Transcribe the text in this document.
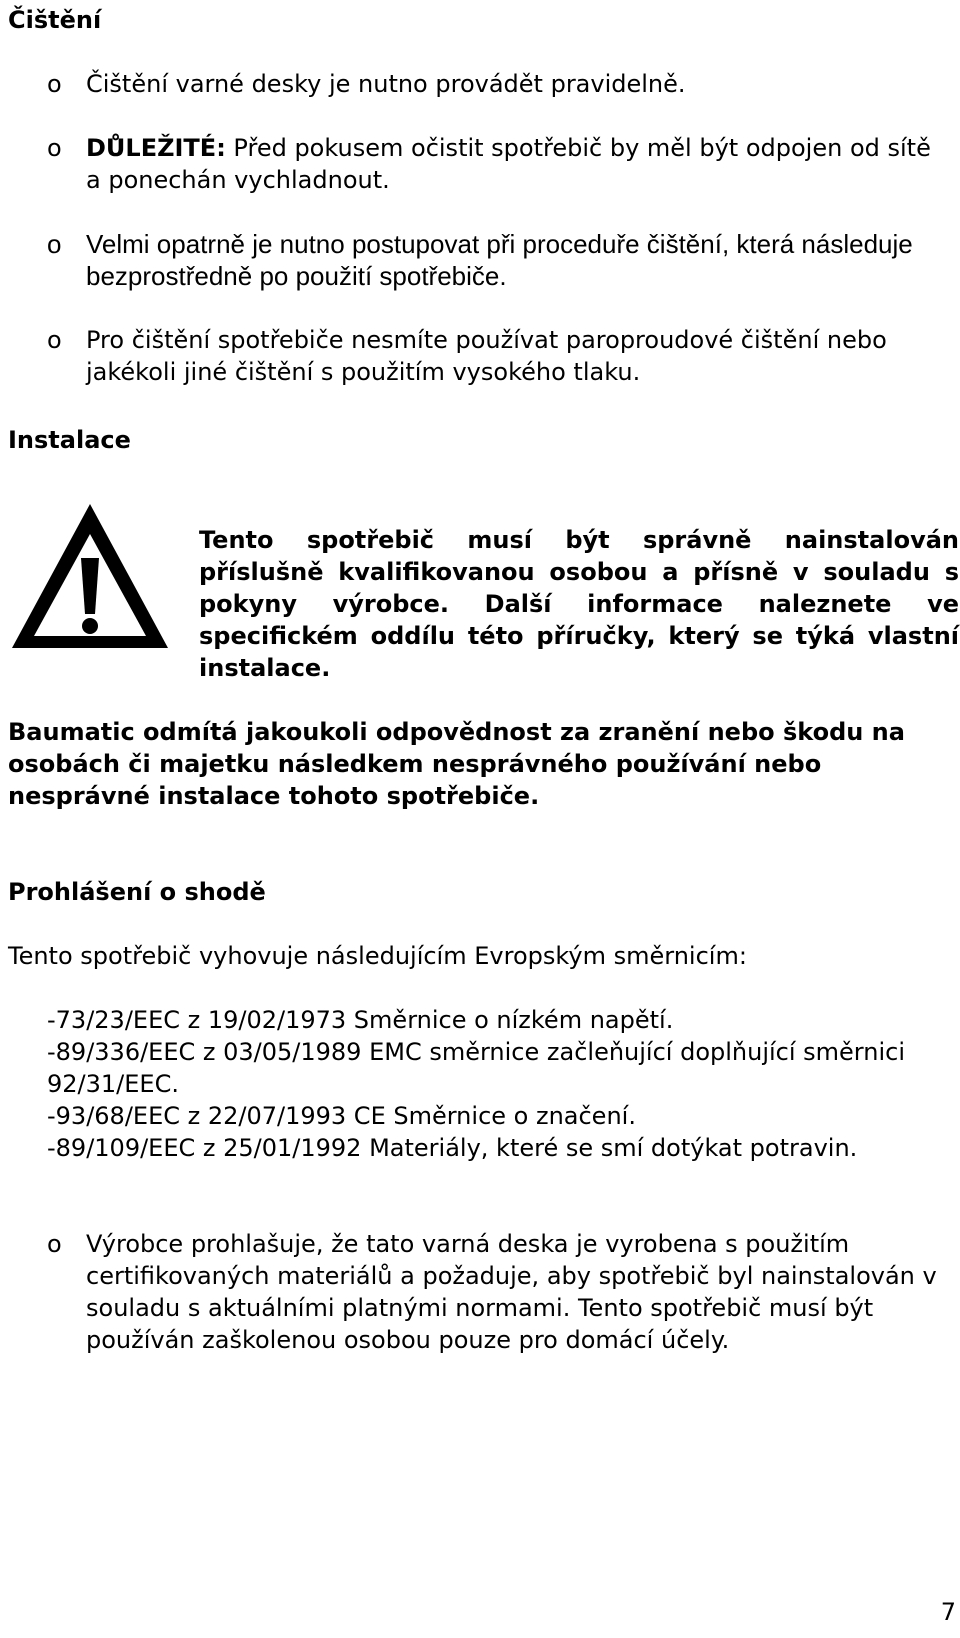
Čištění
o Čištění varné desky je nutno provádět pravidelně.
o DŮLEŽITÉ: Před pokusem očistit spotřebič by měl být odpojen od sítě a ponechán vychladnout.
o Velmi opatrně je nutno postupovat při proceduře čištění, která následuje bezprostředně po použití spotřebiče.
o Pro čištění spotřebiče nesmíte používat paroproudové čištění nebo jakékoli jiné čištění s použitím vysokého tlaku.
Instalace
Tento spotřebič musí být správně nainstalován příslušně kvalifikovanou osobou a přísně v souladu s pokyny výrobce. Další informace naleznete ve specifickém oddílu této příručky, který se týká vlastní instalace.
Baumatic odmítá jakoukoli odpovědnost za zranění nebo škodu na osobách či majetku následkem nesprávného používání nebo nesprávné instalace tohoto spotřebiče.
Prohlášení o shodě
Tento spotřebič vyhovuje následujícím Evropským směrnicím:
-73/23/EEC z 19/02/1973 Směrnice o nízkém napětí.
-89/336/EEC z 03/05/1989 EMC směrnice začleňující doplňující směrnici 92/31/EEC.
-93/68/EEC z 22/07/1993 CE Směrnice o značení.
-89/109/EEC z 25/01/1992 Materiály, které se smí dotýkat potravin.
o Výrobce prohlašuje, že tato varná deska je vyrobena s použitím certifikovaných materiálů a požaduje, aby spotřebič byl nainstalován v souladu s aktuálními platnými normami. Tento spotřebič musí být používán zaškolenou osobou pouze pro domácí účely.
7
